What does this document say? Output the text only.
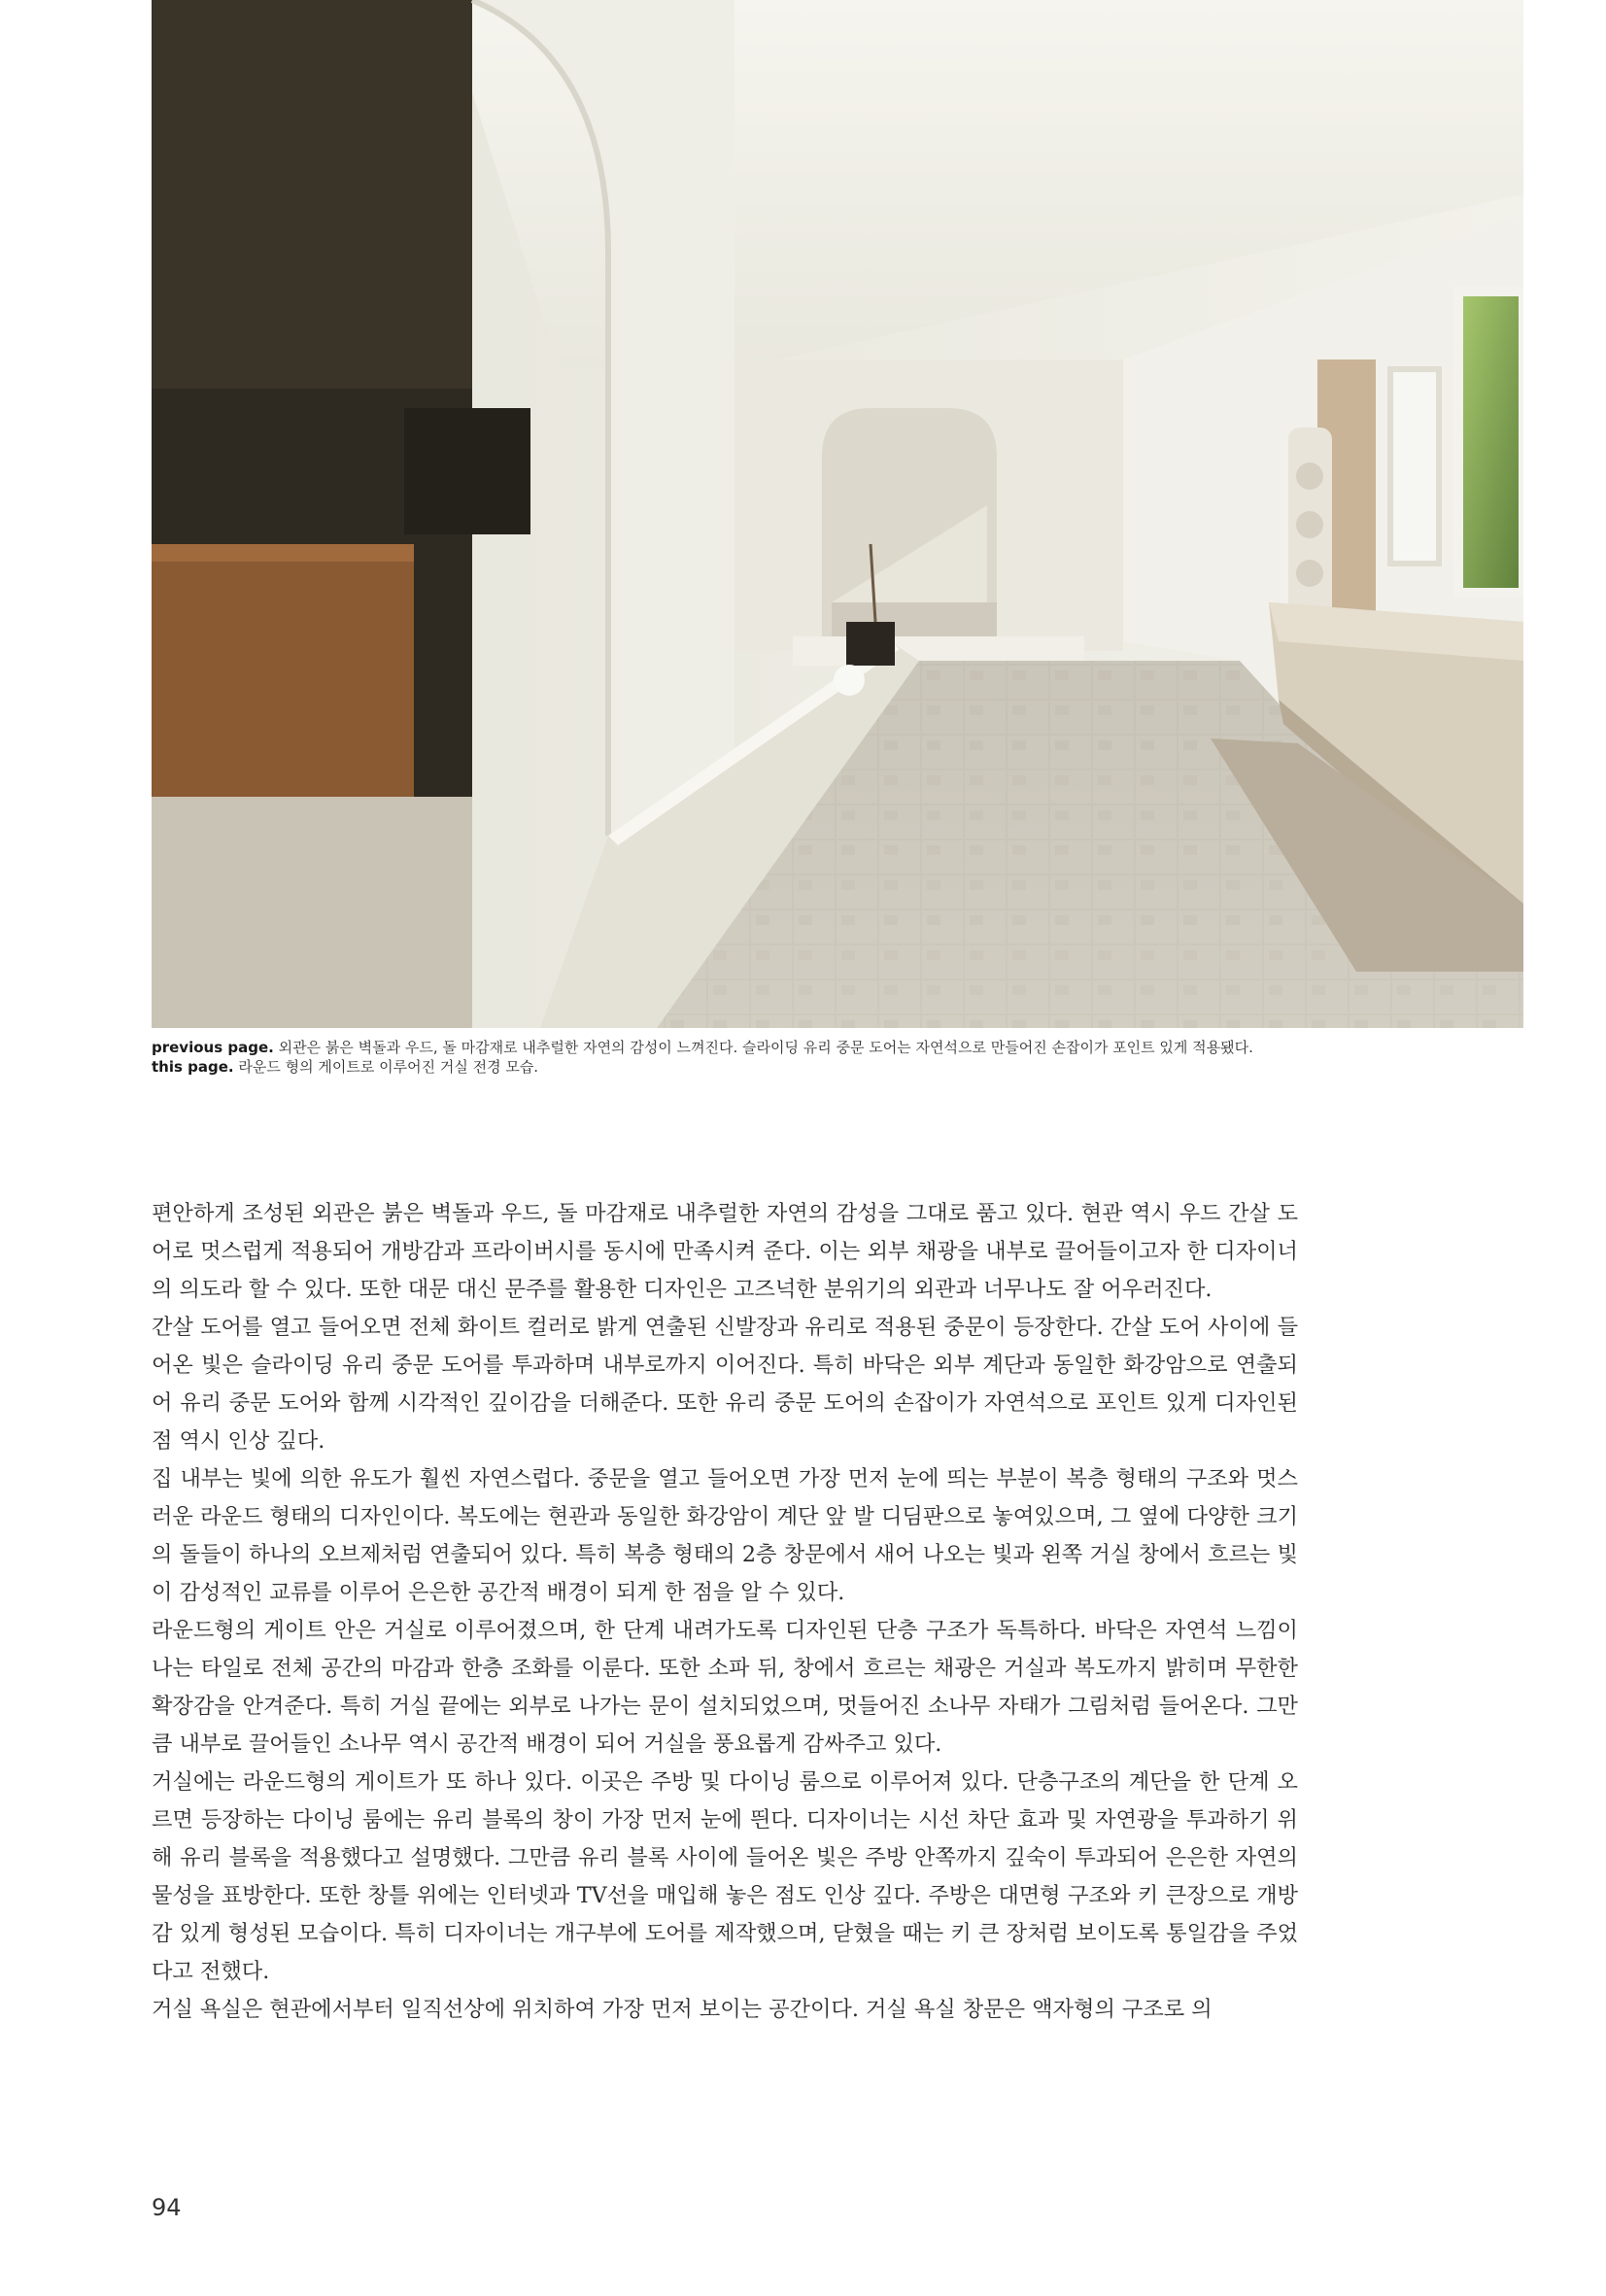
previous page. 외관은 붉은 벽돌과 우드, 돌 마감재로 내추럴한 자연의 감성이 느껴진다. 슬라이딩 유리 중문 도어는 자연석으로 만들어진 손잡이가 포인트 있게 적용됐다.

this page. 라운드 형의 게이트로 이루어진 거실 전경 모습.

편안하게 조성된 외관은 붉은 벽돌과 우드, 돌 마감재로 내추럴한 자연의 감성을 그대로 품고 있다. 현관 역시 우드 간살 도어로 멋스럽게 적용되어 개방감과 프라이버시를 동시에 만족시켜 준다. 이는 외부 채광을 내부로 끌어들이고자 한 디자이너의 의도라 할 수 있다. 또한 대문 대신 문주를 활용한 디자인은 고즈넉한 분위기의 외관과 너무나도 잘 어우러진다.

간살 도어를 열고 들어오면 전체 화이트 컬러로 밝게 연출된 신발장과 유리로 적용된 중문이 등장한다. 간살 도어 사이에 들어온 빛은 슬라이딩 유리 중문 도어를 투과하며 내부로까지 이어진다. 특히 바닥은 외부 계단과 동일한 화강암으로 연출되어 유리 중문 도어와 함께 시각적인 깊이감을 더해준다. 또한 유리 중문 도어의 손잡이가 자연석으로 포인트 있게 디자인된 점 역시 인상 깊다.

집 내부는 빛에 의한 유도가 훨씬 자연스럽다. 중문을 열고 들어오면 가장 먼저 눈에 띄는 부분이 복층 형태의 구조와 멋스러운 라운드 형태의 디자인이다. 복도에는 현관과 동일한 화강암이 계단 앞 발 디딤판으로 놓여있으며, 그 옆에 다양한 크기의 돌들이 하나의 오브제처럼 연출되어 있다. 특히 복층 형태의 2층 창문에서 새어 나오는 빛과 왼쪽 거실 창에서 흐르는 빛이 감성적인 교류를 이루어 은은한 공간적 배경이 되게 한 점을 알 수 있다.

라운드형의 게이트 안은 거실로 이루어졌으며, 한 단계 내려가도록 디자인된 단층 구조가 독특하다. 바닥은 자연석 느낌이 나는 타일로 전체 공간의 마감과 한층 조화를 이룬다. 또한 소파 뒤, 창에서 흐르는 채광은 거실과 복도까지 밝히며 무한한 확장감을 안겨준다. 특히 거실 끝에는 외부로 나가는 문이 설치되었으며, 멋들어진 소나무 자태가 그림처럼 들어온다. 그만큼 내부로 끌어들인 소나무 역시 공간적 배경이 되어 거실을 풍요롭게 감싸주고 있다.

거실에는 라운드형의 게이트가 또 하나 있다. 이곳은 주방 및 다이닝 룸으로 이루어져 있다. 단층구조의 계단을 한 단계 오르면 등장하는 다이닝 룸에는 유리 블록의 창이 가장 먼저 눈에 띈다. 디자이너는 시선 차단 효과 및 자연광을 투과하기 위해 유리 블록을 적용했다고 설명했다. 그만큼 유리 블록 사이에 들어온 빛은 주방 안쪽까지 깊숙이 투과되어 은은한 자연의 물성을 표방한다. 또한 창틀 위에는 인터넷과 TV선을 매입해 놓은 점도 인상 깊다. 주방은 대면형 구조와 키 큰장으로 개방감 있게 형성된 모습이다. 특히 디자이너는 개구부에 도어를 제작했으며, 닫혔을 때는 키 큰 장처럼 보이도록 통일감을 주었다고 전했다.

거실 욕실은 현관에서부터 일직선상에 위치하여 가장 먼저 보이는 공간이다. 거실 욕실 창문은 액자형의 구조로 의

94
